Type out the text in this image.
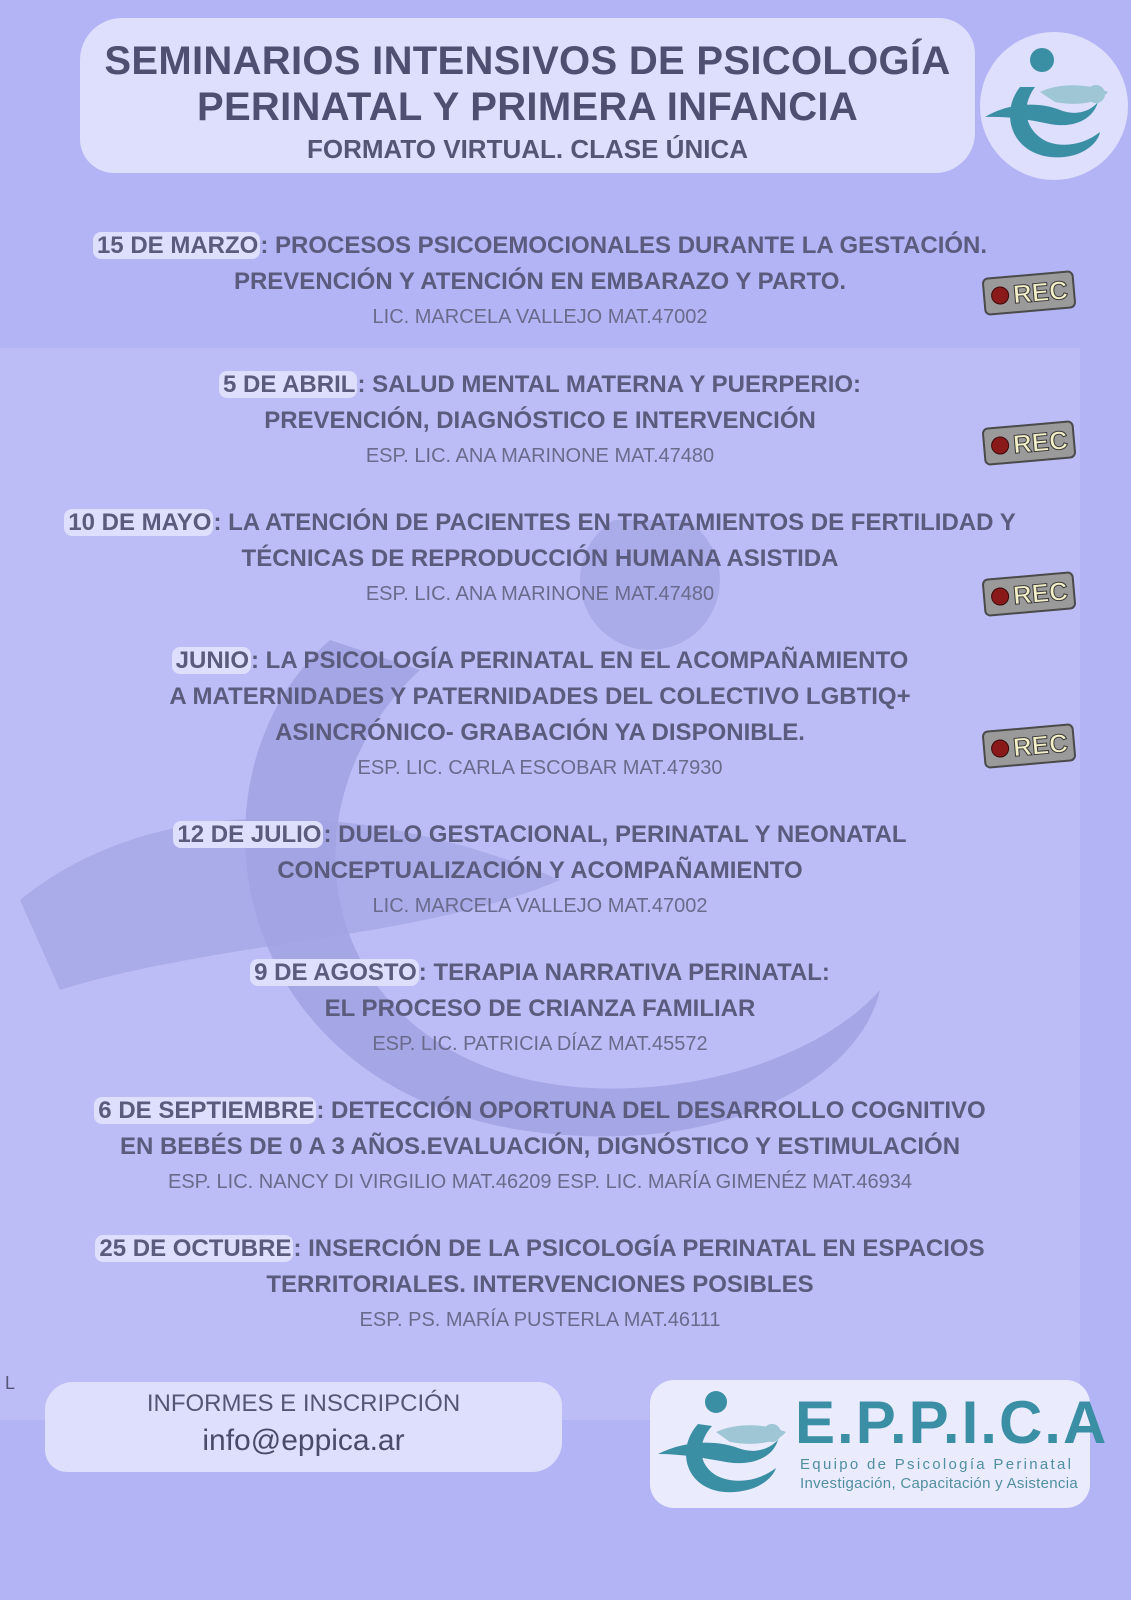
SEMINARIOS INTENSIVOS DE PSICOLOGÍA
PERINATAL Y PRIMERA INFANCIA
FORMATO VIRTUAL. CLASE ÚNICA
15 DE MARZO: PROCESOS PSICOEMOCIONALES DURANTE LA GESTACIÓN.
PREVENCIÓN Y ATENCIÓN EN EMBARAZO Y PARTO.
LIC. MARCELA VALLEJO MAT.47002
REC
5 DE ABRIL: SALUD MENTAL MATERNA Y PUERPERIO:
PREVENCIÓN, DIAGNÓSTICO E INTERVENCIÓN
ESP. LIC. ANA MARINONE MAT.47480	REC
10 DE MAYO: LA ATENCIÓN DE PACIENTES EN TRATAMIENTOS DE FERTILIDAD Y
TÉCNICAS DE REPRODUCCIÓN HUMANA ASISTIDA
ESP. LIC. ANA MARINONE MAT.47480	REC
JUNIO: LA PSICOLOGÍA PERINATAL EN EL ACOMPAÑAMIENTO
A MATERNIDADES Y PATERNIDADES DEL COLECTIVO LGBTIQ+
ASINCRÓNICO- GRABACIÓN YA DISPONIBLE.
ESP. LIC. CARLA ESCOBAR MAT.47930
REC
12 DE JULIO: DUELO GESTACIONAL, PERINATAL Y NEONATAL
CONCEPTUALIZACIÓN Y ACOMPAÑAMIENTO
LIC. MARCELA VALLEJO MAT.47002
9 DE AGOSTO: TERAPIA NARRATIVA PERINATAL:
EL PROCESO DE CRIANZA FAMILIAR
ESP. LIC. PATRICIA DÍAZ MAT.45572
6 DE SEPTIEMBRE: DETECCIÓN OPORTUNA DEL DESARROLLO COGNITIVO
EN BEBÉS DE 0 A 3 AÑOS.EVALUACIÓN, DIGNÓSTICO Y ESTIMULACIÓN
ESP. LIC. NANCY DI VIRGILIO MAT.46209 ESP. LIC. MARÍA GIMENÉZ MAT.46934
25 DE OCTUBRE: INSERCIÓN DE LA PSICOLOGÍA PERINATAL EN ESPACIOS
TERRITORIALES. INTERVENCIONES POSIBLES
ESP. PS. MARÍA PUSTERLA MAT.46111
L
INFORMES E INSCRIPCIÓN
info@eppica.ar	E.P.P.I.C.A
Equipo de Psicología Perinatal
Investigación, Capacitación y Asistencia
